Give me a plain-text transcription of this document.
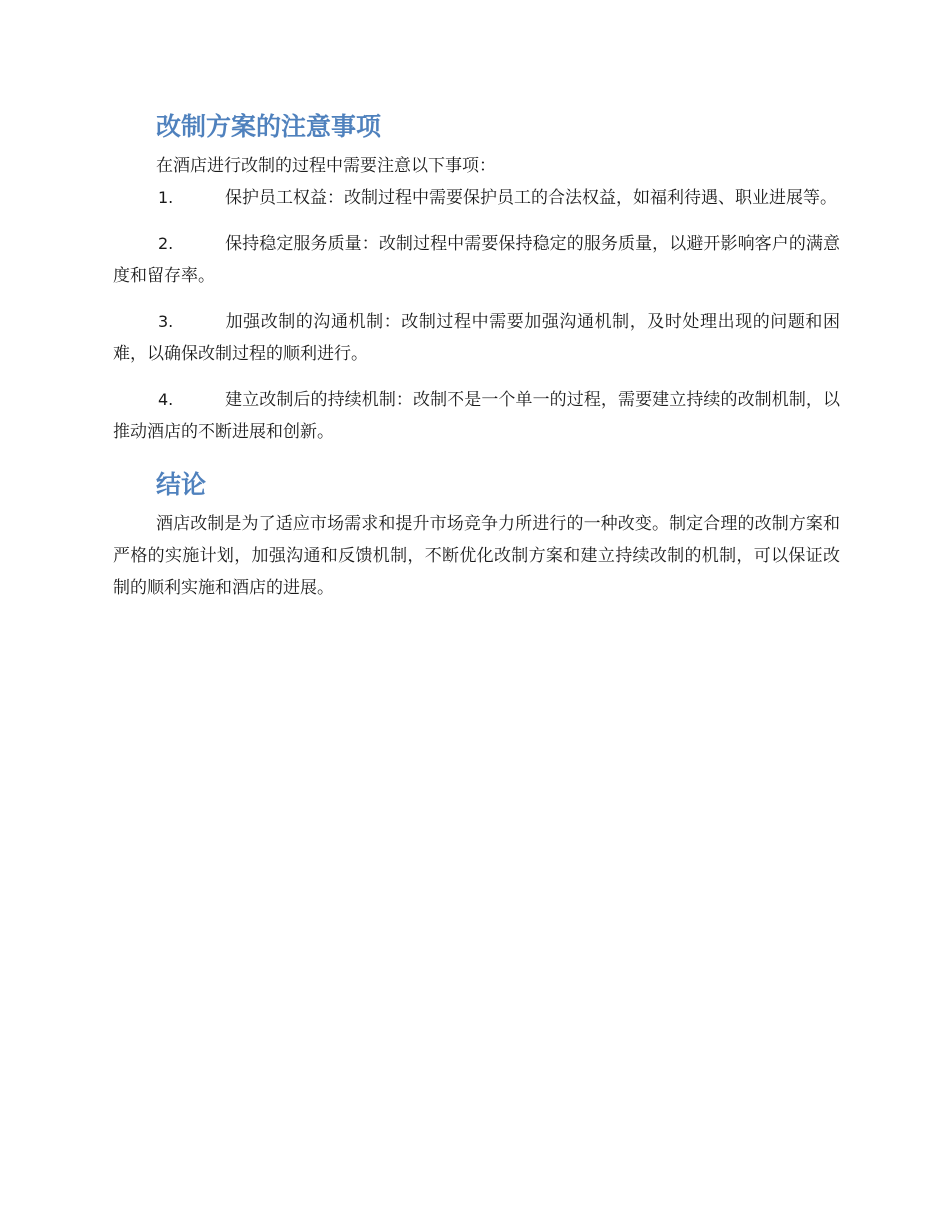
改制方案的注意事项

在酒店进行改制的过程中需要注意以下事项：

1.	保护员工权益：改制过程中需要保护员工的合法权益，如福利待遇、职业进展等。
2.	保持稳定服务质量：改制过程中需要保持稳定的服务质量，以避开影响客户的满意度和留存率。
3.	加强改制的沟通机制：改制过程中需要加强沟通机制，及时处理出现的问题和困难，以确保改制过程的顺利进行。
4.	建立改制后的持续机制：改制不是一个单一的过程，需要建立持续的改制机制，以推动酒店的不断进展和创新。
结论

酒店改制是为了适应市场需求和提升市场竞争力所进行的一种改变。制定合理的改制方案和严格的实施计划，加强沟通和反馈机制，不断优化改制方案和建立持续改制的机制，可以保证改制的顺利实施和酒店的进展。
